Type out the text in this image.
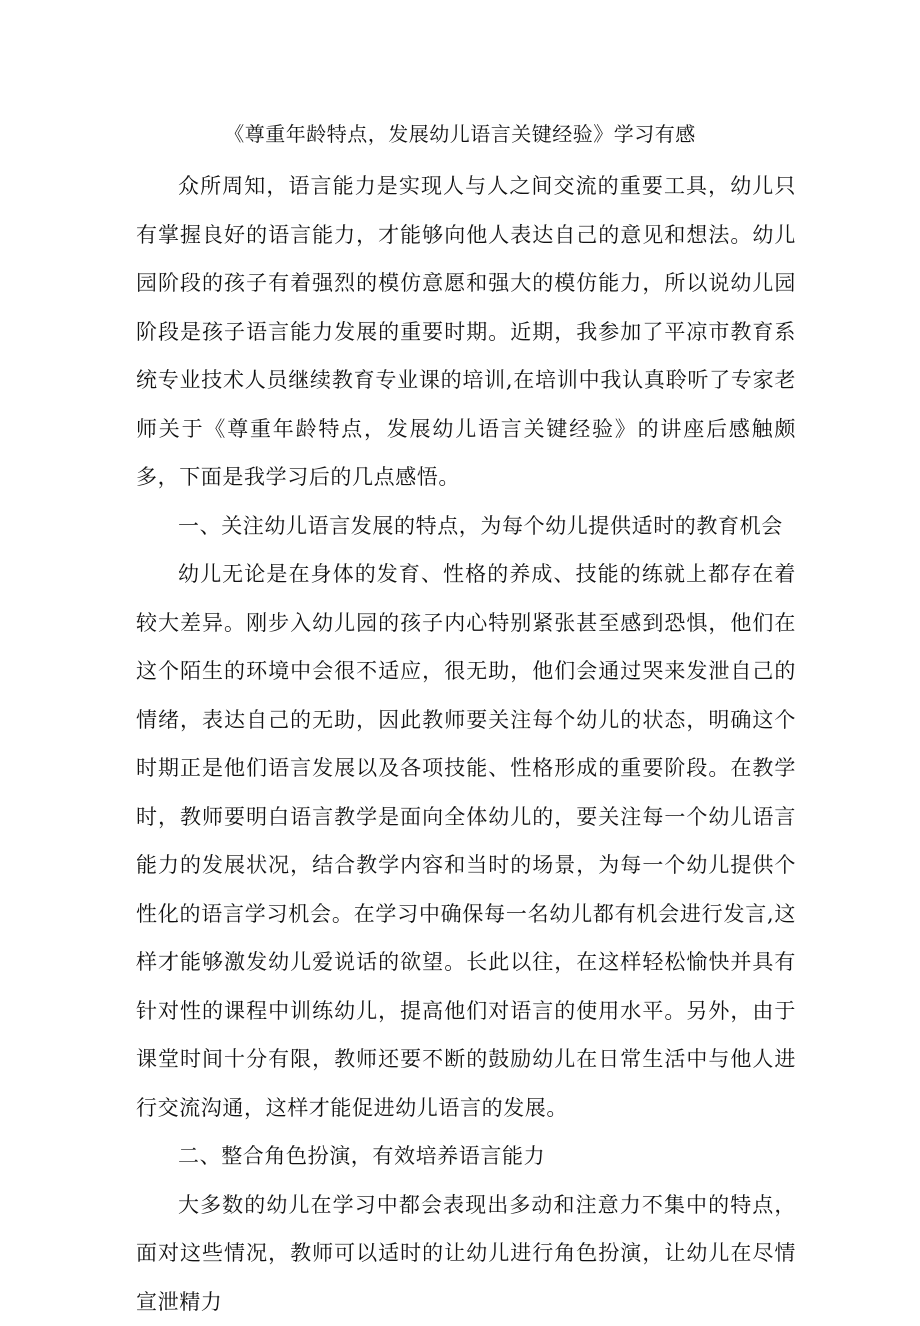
《尊重年龄特点，发展幼儿语言关键经验》学习有感

众所周知，语言能力是实现人与人之间交流的重要工具，幼儿只有掌握良好的语言能力，才能够向他人表达自己的意见和想法。幼儿园阶段的孩子有着强烈的模仿意愿和强大的模仿能力，所以说幼儿园阶段是孩子语言能力发展的重要时期。近期，我参加了平凉市教育系统专业技术人员继续教育专业课的培训,在培训中我认真聆听了专家老师关于《尊重年龄特点，发展幼儿语言关键经验》的讲座后感触颇多，下面是我学习后的几点感悟。

一、关注幼儿语言发展的特点，为每个幼儿提供适时的教育机会

幼儿无论是在身体的发育、性格的养成、技能的练就上都存在着较大差异。刚步入幼儿园的孩子内心特别紧张甚至感到恐惧，他们在这个陌生的环境中会很不适应，很无助，他们会通过哭来发泄自己的情绪，表达自己的无助，因此教师要关注每个幼儿的状态，明确这个时期正是他们语言发展以及各项技能、性格形成的重要阶段。在教学时，教师要明白语言教学是面向全体幼儿的，要关注每一个幼儿语言能力的发展状况，结合教学内容和当时的场景，为每一个幼儿提供个性化的语言学习机会。在学习中确保每一名幼儿都有机会进行发言,这样才能够激发幼儿爱说话的欲望。长此以往，在这样轻松愉快并具有针对性的课程中训练幼儿，提高他们对语言的使用水平。另外，由于课堂时间十分有限，教师还要不断的鼓励幼儿在日常生活中与他人进行交流沟通，这样才能促进幼儿语言的发展。

二、整合角色扮演，有效培养语言能力

大多数的幼儿在学习中都会表现出多动和注意力不集中的特点，面对这些情况，教师可以适时的让幼儿进行角色扮演，让幼儿在尽情宣泄精力
